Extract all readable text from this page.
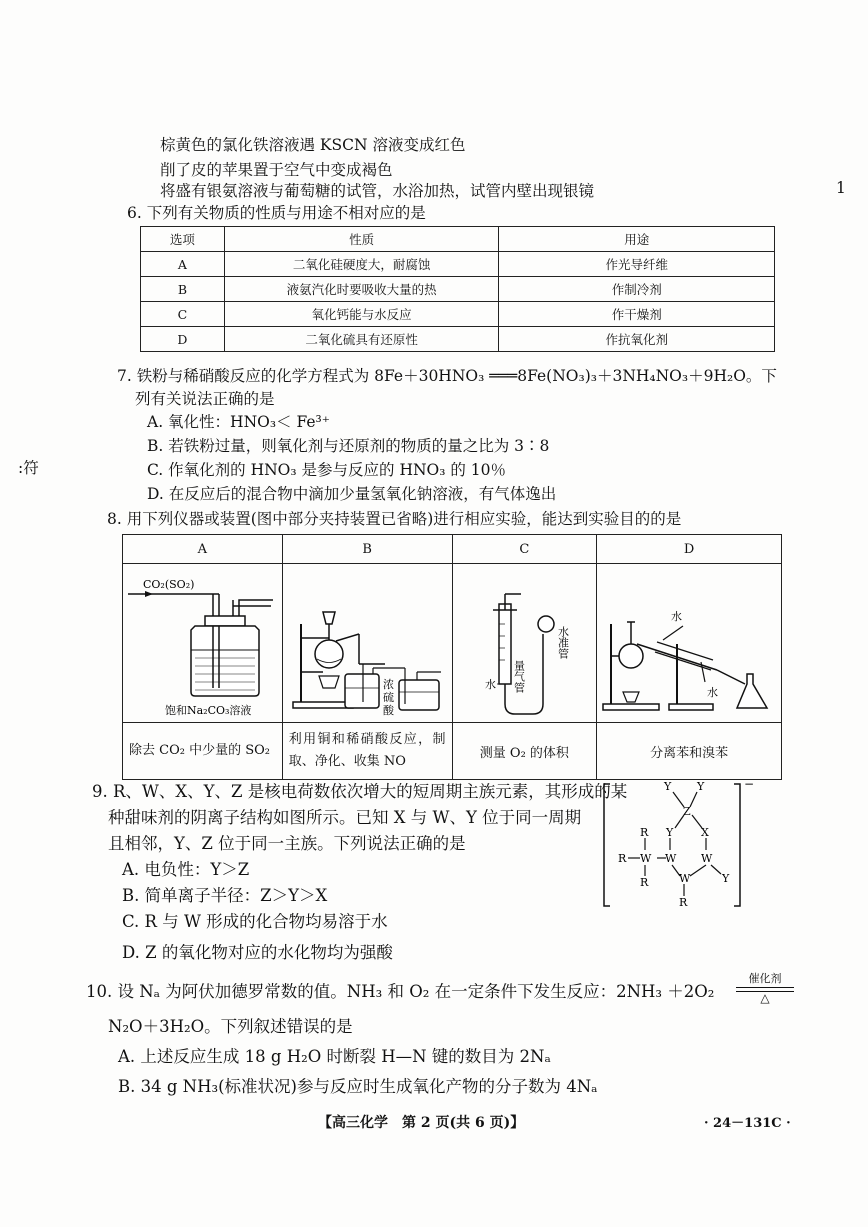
棕黄色的氯化铁溶液遇 KSCN 溶液变成红色
削了皮的苹果置于空气中变成褐色
将盛有银氨溶液与葡萄糖的试管，水浴加热，试管内壁出现银镜	1
6. 下列有关物质的性质与用途不相对应的是
选项	性质	用途
A	二氧化硅硬度大，耐腐蚀	作光导纤维
B	液氨汽化时要吸收大量的热	作制冷剂
C	氧化钙能与水反应	作干燥剂
D	二氧化硫具有还原性	作抗氧化剂
7. 铁粉与稀硝酸反应的化学方程式为 8Fe＋30HNO₃ ═══8Fe(NO₃)₃＋3NH₄NO₃＋9H₂O。下
列有关说法正确的是
A. 氧化性：HNO₃＜ Fe³⁺
B. 若铁粉过量，则氧化剂与还原剂的物质的量之比为 3∶8
C. 作氧化剂的 HNO₃ 是参与反应的 HNO₃ 的 10％
D. 在反应后的混合物中滴加少量氢氧化钠溶液，有气体逸出
:符
8. 用下列仪器或装置(图中部分夹持装置已省略)进行相应实验，能达到实验目的的是
A	B	C	D

CO₂(SO₂)
饱和Na₂CO₃溶液	浓
硫
酸	水 量气管
水准管	水
水

除去 CO₂ 中少量的 SO₂	利用铜和稀硝酸反应，制取、净化、收集 NO	测量 O₂ 的体积	分离苯和溴苯
9. R、W、X、Y、Z 是核电荷数依次增大的短周期主族元素，其形成的某
种甜味剂的阴离子结构如图所示。已知 X 与 W、Y 位于同一周期
且相邻，Y、Z 位于同一主族。下列说法正确的是
A. 电负性：Y＞Z
B. 简单离子半径：Z＞Y＞X
C. R 与 W 形成的化合物均易溶于水
D. Z 的氧化物对应的水化物均为强酸
−
Y Y
Z
Y	X
R
R W W W
R	W	Y
R
10. 设 Nₐ 为阿伏加德罗常数的值。NH₃ 和 O₂ 在一定条件下发生反应：2NH₃ ＋2O₂
催化剂
△
N₂O＋3H₂O。下列叙述错误的是
A. 上述反应生成 18 g H₂O 时断裂 H—N 键的数目为 2Nₐ
B. 34 g NH₃(标准状况)参与反应时生成氧化产物的分子数为 4Nₐ
【高三化学　第 2 页(共 6 页)】	· 24－131C ·
